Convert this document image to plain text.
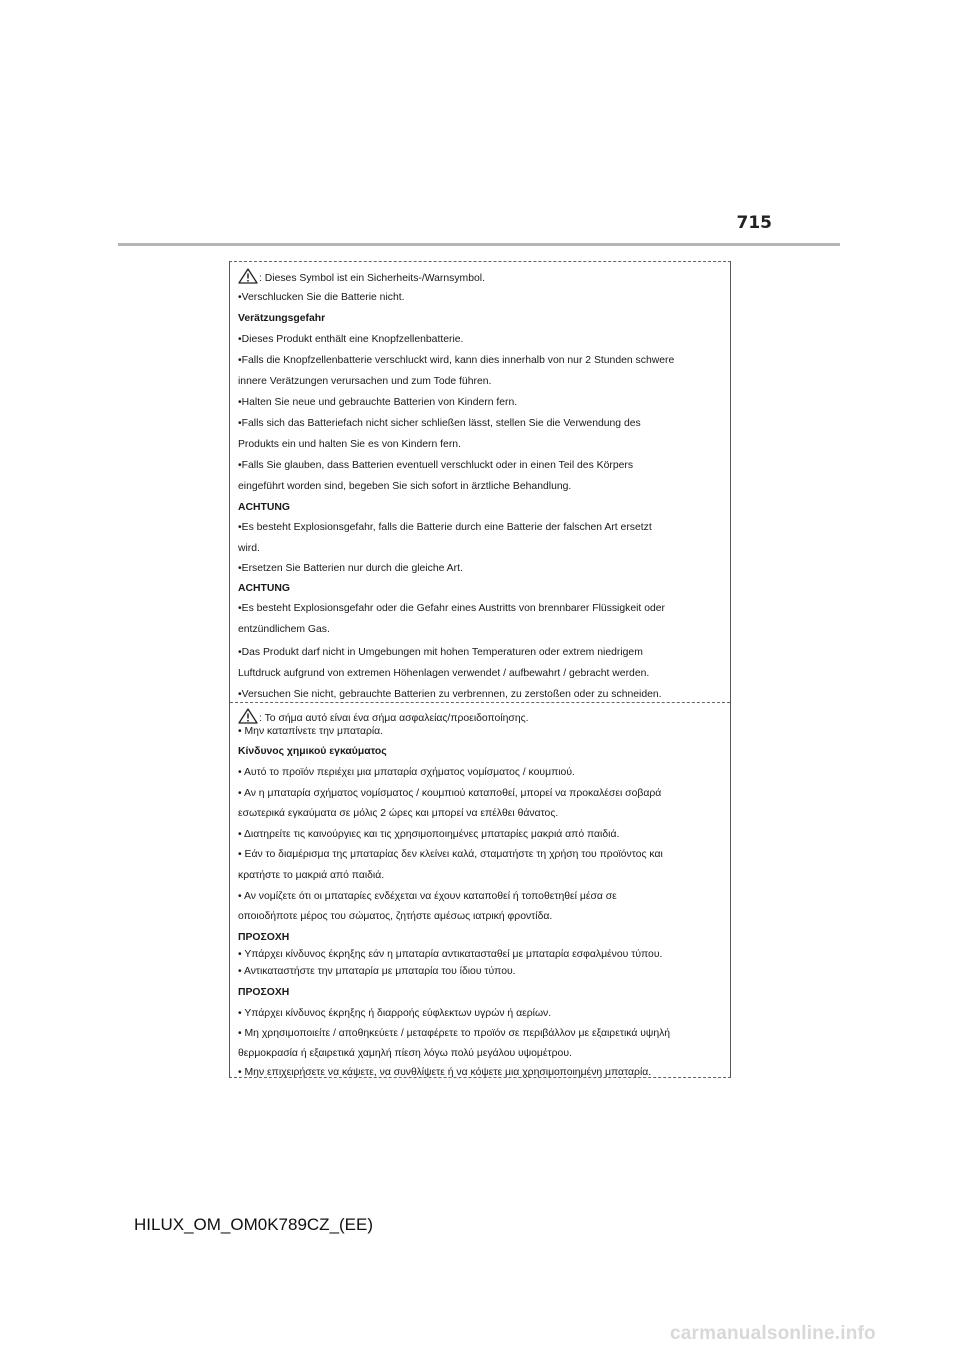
715
: Dieses Symbol ist ein Sicherheits-/Warnsymbol.
•Verschlucken Sie die Batterie nicht.
Verätzungsgefahr
•Dieses Produkt enthält eine Knopfzellenbatterie.
•Falls die Knopfzellenbatterie verschluckt wird, kann dies innerhalb von nur 2 Stunden schwere
innere Verätzungen verursachen und zum Tode führen.
•Halten Sie neue und gebrauchte Batterien von Kindern fern.
•Falls sich das Batteriefach nicht sicher schließen lässt, stellen Sie die Verwendung des
Produkts ein und halten Sie es von Kindern fern.
•Falls Sie glauben, dass Batterien eventuell verschluckt oder in einen Teil des Körpers
eingeführt worden sind, begeben Sie sich sofort in ärztliche Behandlung.
ACHTUNG
•Es besteht Explosionsgefahr, falls die Batterie durch eine Batterie der falschen Art ersetzt
wird.
•Ersetzen Sie Batterien nur durch die gleiche Art.
ACHTUNG
•Es besteht Explosionsgefahr oder die Gefahr eines Austritts von brennbarer Flüssigkeit oder
entzündlichem Gas.
•Das Produkt darf nicht in Umgebungen mit hohen Temperaturen oder extrem niedrigem
Luftdruck aufgrund von extremen Höhenlagen verwendet / aufbewahrt / gebracht werden.
•Versuchen Sie nicht, gebrauchte Batterien zu verbrennen, zu zerstoßen oder zu schneiden.
: Το σήμα αυτό είναι ένα σήμα ασφαλείας/προειδοποίησης.
• Μην καταπίνετε την μπαταρία.
Κίνδυνος χημικού εγκαύματος
• Αυτό το προϊόν περιέχει μια μπαταρία σχήματος νομίσματος / κουμπιού.
• Αν η μπαταρία σχήματος νομίσματος / κουμπιού καταποθεί, μπορεί να προκαλέσει σοβαρά
εσωτερικά εγκαύματα σε μόλις 2 ώρες και μπορεί να επέλθει θάνατος.
• Διατηρείτε τις καινούργιες και τις χρησιμοποιημένες μπαταρίες μακριά από παιδιά.
• Εάν το διαμέρισμα της μπαταρίας δεν κλείνει καλά, σταματήστε τη χρήση του προϊόντος και
κρατήστε το μακριά από παιδιά.
• Αν νομίζετε ότι οι μπαταρίες ενδέχεται να έχουν καταποθεί ή τοποθετηθεί μέσα σε
οποιοδήποτε μέρος του σώματος, ζητήστε αμέσως ιατρική φροντίδα.
ΠΡΟΣΟΧΗ
• Υπάρχει κίνδυνος έκρηξης εάν η μπαταρία αντικατασταθεί με μπαταρία εσφαλμένου τύπου.
• Αντικαταστήστε την μπαταρία με μπαταρία του ίδιου τύπου.
ΠΡΟΣΟΧΗ
• Υπάρχει κίνδυνος έκρηξης ή διαρροής εύφλεκτων υγρών ή αερίων.
• Μη χρησιμοποιείτε / αποθηκεύετε / μεταφέρετε το προϊόν σε περιβάλλον με εξαιρετικά υψηλή
θερμοκρασία ή εξαιρετικά χαμηλή πίεση λόγω πολύ μεγάλου υψομέτρου.
• Μην επιχειρήσετε να κάψετε, να συνθλίψετε ή να κόψετε μια χρησιμοποιημένη μπαταρία.
HILUX_OM_OM0K789CZ_(EE)
carmanualsonline.info
